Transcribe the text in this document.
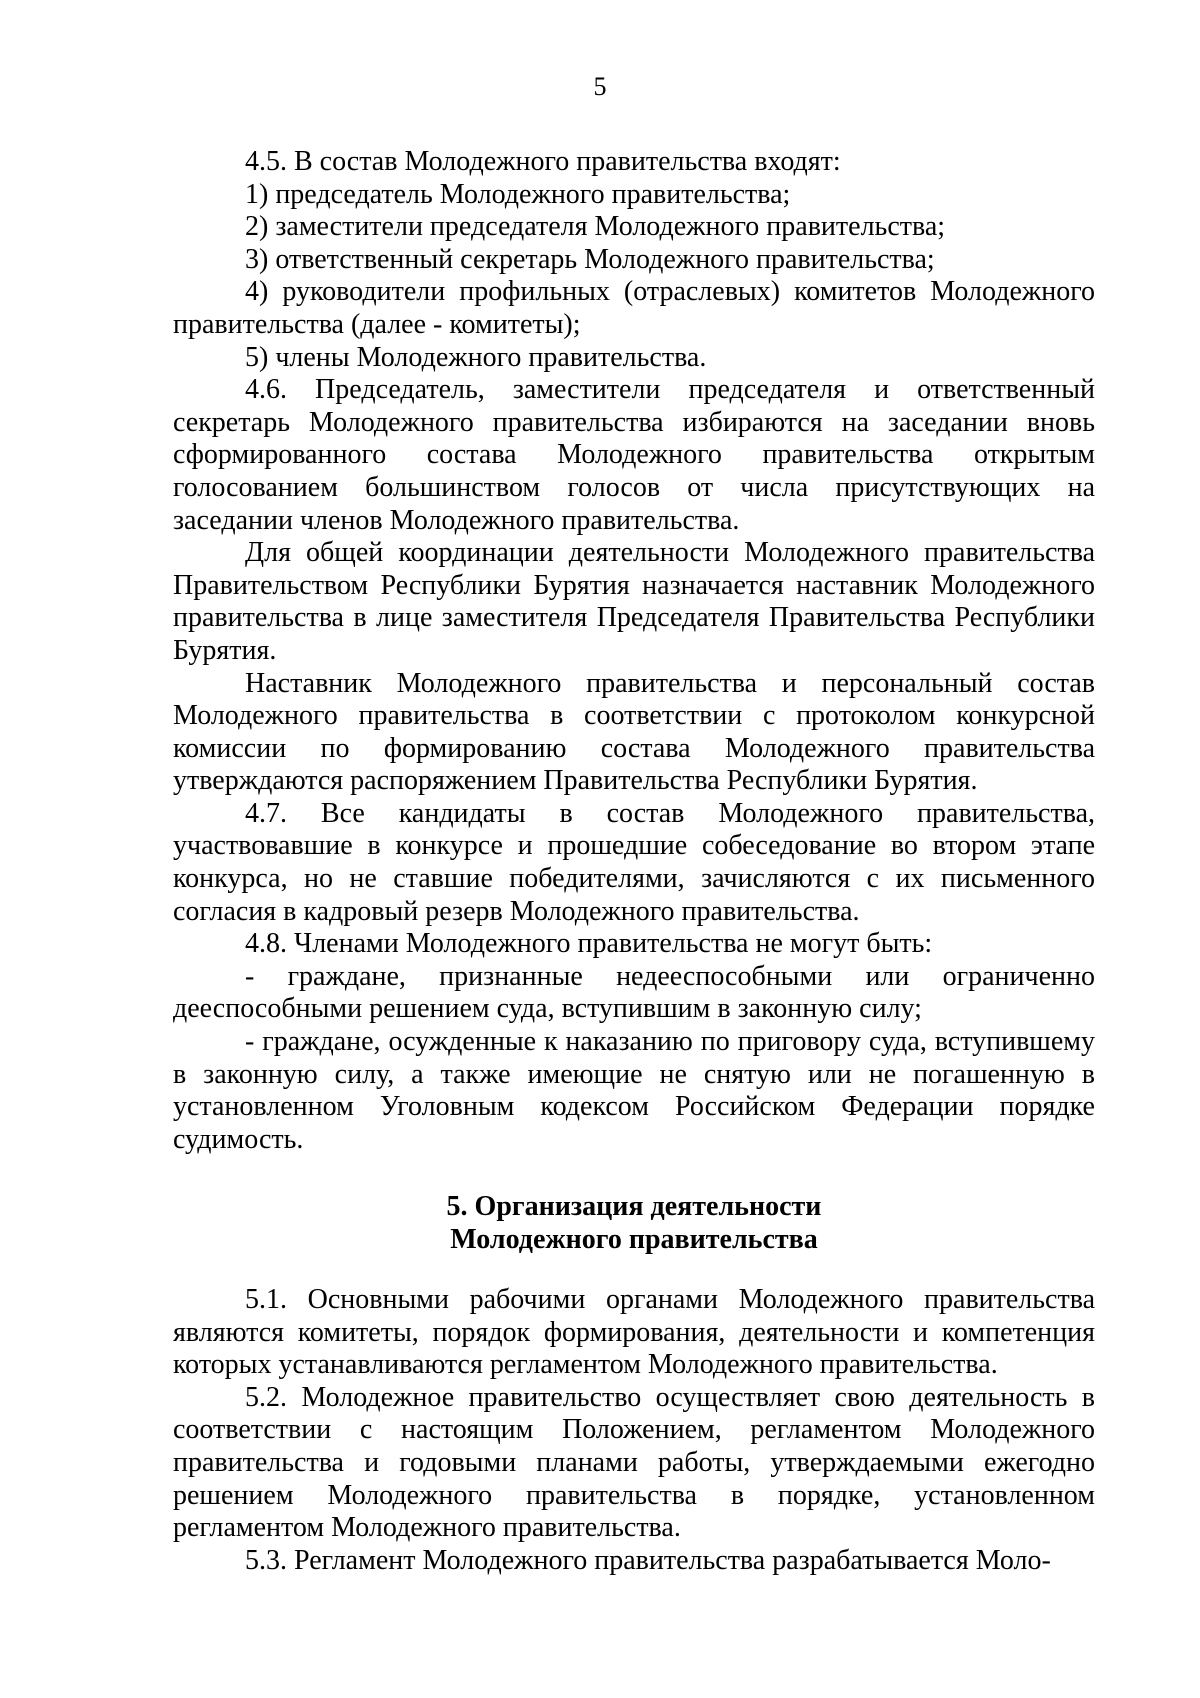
5

4.5. В состав Молодежного правительства входят:

1) председатель Молодежного правительства;

2) заместители председателя Молодежного правительства;

3) ответственный секретарь Молодежного правительства;

4) руководители профильных (отраслевых) комитетов Молодежного правительства (далее - комитеты);

5) члены Молодежного правительства.

4.6. Председатель, заместители председателя и ответственный секретарь Молодежного правительства избираются на заседании вновь сформированного состава Молодежного правительства открытым голосованием большинством голосов от числа присутствующих на заседании членов Молодежного правительства.

Для общей координации деятельности Молодежного правительства Правительством Республики Бурятия назначается наставник Молодежного правительства в лице заместителя Председателя Правительства Республики Бурятия.

Наставник Молодежного правительства и персональный состав Молодежного правительства в соответствии с протоколом конкурсной комиссии по формированию состава Молодежного правительства утверждаются распоряжением Правительства Республики Бурятия.

4.7. Все кандидаты в состав Молодежного правительства, участвовавшие в конкурсе и прошедшие собеседование во втором этапе конкурса, но не ставшие победителями, зачисляются с их письменного согласия в кадровый резерв Молодежного правительства.

4.8. Членами Молодежного правительства не могут быть:

- граждане, признанные недееспособными или ограниченно дееспособными решением суда, вступившим в законную силу;

- граждане, осужденные к наказанию по приговору суда, вступившему в законную силу, а также имеющие не снятую или не погашенную в установленном Уголовным кодексом Российском Федерации порядке судимость.

5. Организация деятельности
Молодежного правительства

5.1. Основными рабочими органами Молодежного правительства являются комитеты, порядок формирования, деятельности и компетенция которых устанавливаются регламентом Молодежного правительства.

5.2. Молодежное правительство осуществляет свою деятельность в соответствии с настоящим Положением, регламентом Молодежного правительства и годовыми планами работы, утверждаемыми ежегодно решением Молодежного правительства в порядке, установленном регламентом Молодежного правительства.

5.3. Регламент Молодежного правительства разрабатывается Моло-
